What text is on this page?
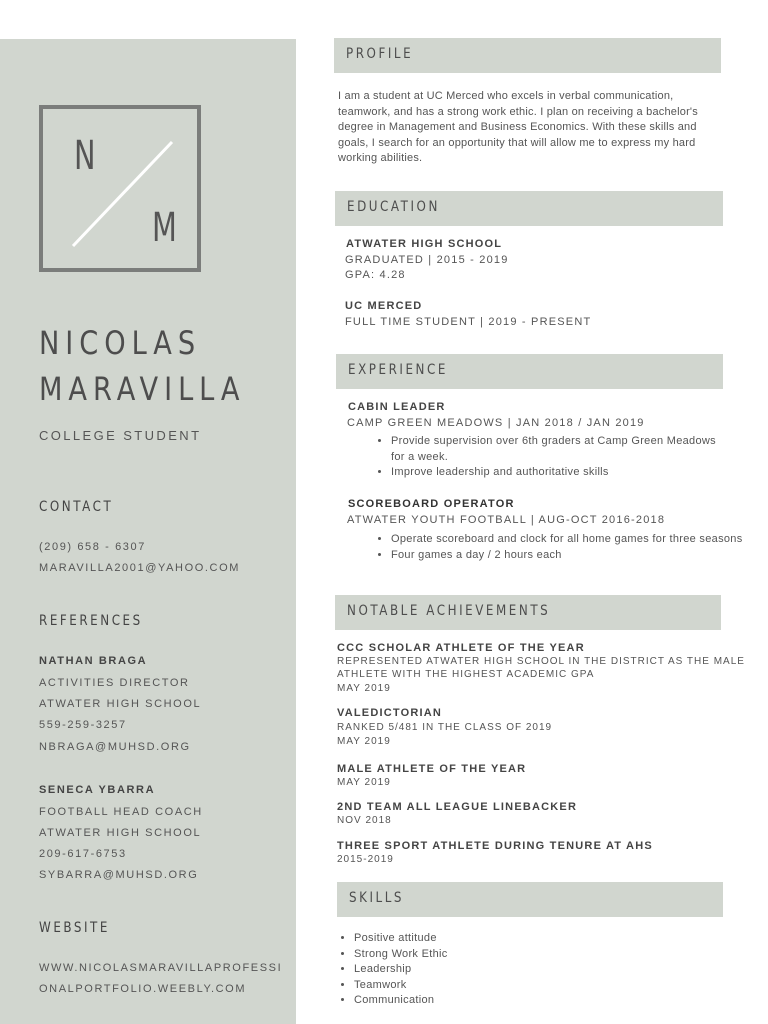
N
M
NICOLAS
MARAVILLA
COLLEGE STUDENT
CONTACT
(209) 658 - 6307
MARAVILLA2001@YAHOO.COM
REFERENCES
NATHAN BRAGA
ACTIVITIES DIRECTOR
ATWATER HIGH SCHOOL
559-259-3257
NBRAGA@MUHSD.ORG
SENECA YBARRA
FOOTBALL HEAD COACH
ATWATER HIGH SCHOOL
209-617-6753
SYBARRA@MUHSD.ORG
WEBSITE
WWW.NICOLASMARAVILLAPROFESSI
ONALPORTFOLIO.WEEBLY.COM
PROFILE
I am a student at UC Merced who excels in verbal communication, teamwork, and has a strong work ethic. I plan on receiving a bachelor's degree in Management and Business Economics. With these skills and goals, I search for an opportunity that will allow me to express my hard working abilities.
EDUCATION
ATWATER HIGH SCHOOL
GRADUATED | 2015 - 2019
GPA: 4.28
UC MERCED
FULL TIME STUDENT | 2019 - PRESENT
EXPERIENCE
CABIN LEADER
CAMP GREEN MEADOWS | JAN 2018 / JAN 2019
• Provide supervision over 6th graders at Camp Green Meadows for a week.
• Improve leadership and authoritative skills
SCOREBOARD OPERATOR
ATWATER YOUTH FOOTBALL | AUG-OCT 2016-2018
• Operate scoreboard and clock for all home games for three seasons
• Four games a day / 2 hours each
NOTABLE ACHIEVEMENTS
CCC SCHOLAR ATHLETE OF THE YEAR
REPRESENTED ATWATER HIGH SCHOOL IN THE DISTRICT AS THE MALE
ATHLETE WITH THE HIGHEST ACADEMIC GPA
MAY 2019
VALEDICTORIAN
RANKED 5/481 IN THE CLASS OF 2019
MAY 2019
MALE ATHLETE OF THE YEAR
MAY 2019
2ND TEAM ALL LEAGUE LINEBACKER
NOV 2018
THREE SPORT ATHLETE DURING TENURE AT AHS
2015-2019
SKILLS
• Positive attitude
• Strong Work Ethic
• Leadership
• Teamwork
• Communication
